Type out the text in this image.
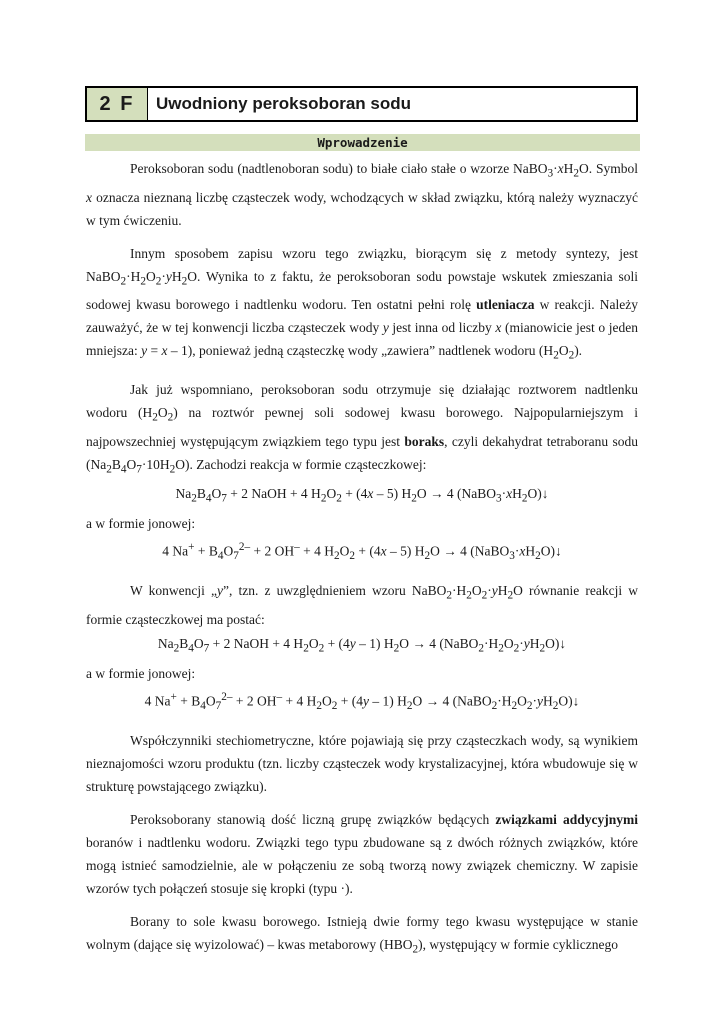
2 F	Uwodniony peroksoboran sodu
Wprowadzenie

Peroksoboran sodu (nadtlenoboran sodu) to białe ciało stałe o wzorze $NaBO_3\cdot xH_2O$. Symbol x oznacza nieznaną liczbę cząsteczek wody, wchodzących w skład związku, którą należy wyznaczyć w tym ćwiczeniu.

Innym sposobem zapisu wzoru tego związku, biorącym się z metody syntezy, jest $NaBO_2\cdot H_2O_2\cdot yH_2O$. Wynika to z faktu, że peroksoboran sodu powstaje wskutek zmieszania soli sodowej kwasu borowego i nadtlenku wodoru. Ten ostatni pełni rolę utleniacza w reakcji. Należy zauważyć, że w tej konwencji liczba cząsteczek wody y jest inna od liczby x (mianowicie jest o jeden mniejsza: y = x – 1), ponieważ jedną cząsteczkę wody „zawiera” nadtlenek wodoru $(H_2O_2)$.

Jak już wspomniano, peroksoboran sodu otrzymuje się działając roztworem nadtlenku wodoru $(H_2O_2)$ na roztwór pewnej soli sodowej kwasu borowego. Najpopularniejszym i najpowszechniej występującym związkiem tego typu jest boraks, czyli dekahydrat tetraboranu sodu $(Na_2B_4O_7\cdot 10H_2O)$. Zachodzi reakcja w formie cząsteczkowej:

$Na_2B_4O_7 + 2$ NaOH + 4 $H_2O_2 + (4x - 5) H_2O \to 4$ $(NaBO_3\cdot xH_2O)↓$

a w formie jonowej:

4 $Na^+ + B_4O_7^{2-} + 2$ OH– + 4 $H_2O_2 + (4x - 5) H_2O \to 4$ $(NaBO_3\cdot xH_2O)↓$

W konwencji „y”, tzn. z uwzględnieniem wzoru $NaBO_2\cdot H_2O_2\cdot yH_2O$ równanie reakcji w formie cząsteczkowej ma postać:

$Na_2B_4O_7 + 2$ NaOH + 4 $H_2O_2 + (4y - 1) H_2O \to 4$ $(NaBO_2\cdot H_2O_2\cdot yH_2O)↓$

a w formie jonowej:

4 $Na^+ + B_4O_7^{2-} + 2$ OH– + 4 $H_2O_2 + (4y - 1) H_2O \to 4$ $(NaBO_2\cdot H_2O_2\cdot yH_2O)↓$

Współczynniki stechiometryczne, które pojawiają się przy cząsteczkach wody, są wynikiem nieznajomości wzoru produktu (tzn. liczby cząsteczek wody krystalizacyjnej, która wbudowuje się w strukturę powstającego związku).

Peroksoborany stanowią dość liczną grupę związków będących związkami addycyjnymi boranów i nadtlenku wodoru. Związki tego typu zbudowane są z dwóch różnych związków, które mogą istnieć samodzielnie, ale w połączeniu ze sobą tworzą nowy związek chemiczny. W zapisie wzorów tych połączeń stosuje się kropki (typu ·).

Borany to sole kwasu borowego. Istnieją dwie formy tego kwasu występujące w stanie wolnym (dające się wyizolować) – kwas metaborowy $(HBO_2)$, występujący w formie cyklicznego
